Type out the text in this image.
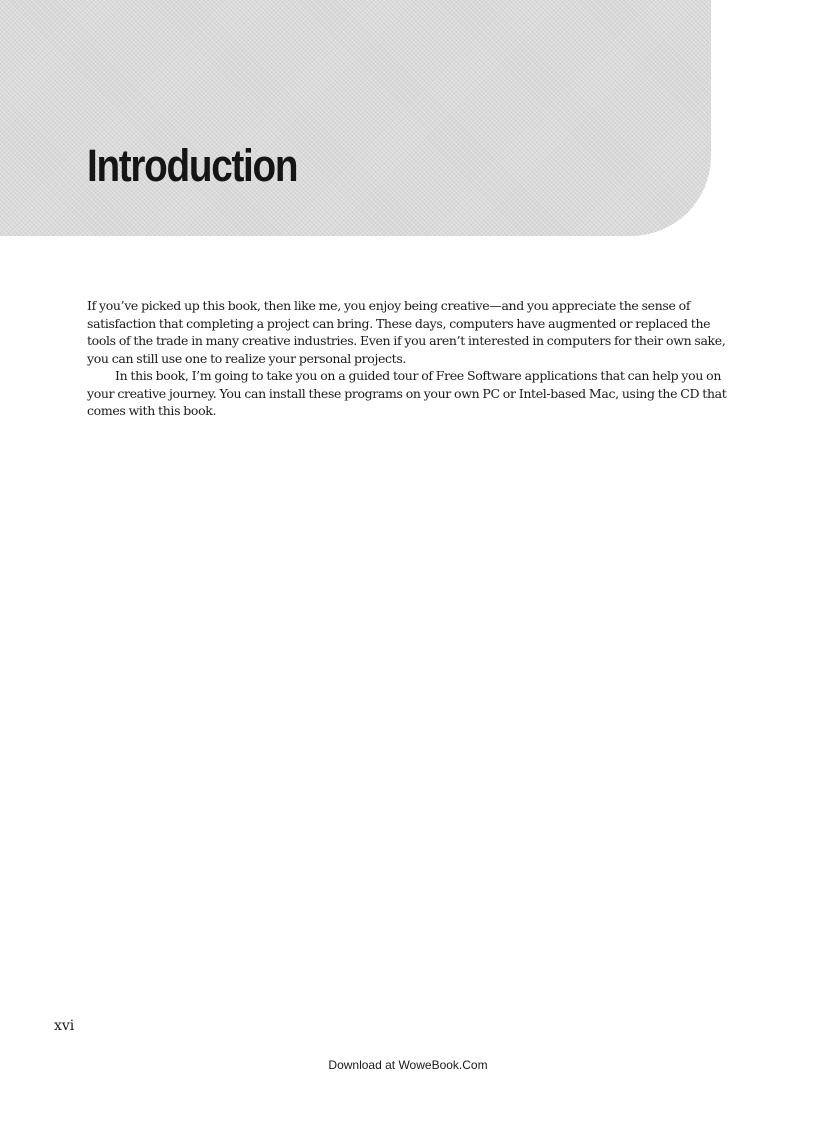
Introduction

If you’ve picked up this book, then like me, you enjoy being creative—and you appreciate the sense of satisfaction that completing a project can bring. These days, computers have augmented or replaced the tools of the trade in many creative industries. Even if you aren’t interested in computers for their own sake, you can still use one to realize your personal projects.

In this book, I’m going to take you on a guided tour of Free Software applications that can help you on your creative journey. You can install these programs on your own PC or Intel-based Mac, using the CD that comes with this book.

xvi
Download at WoweBook.Com
